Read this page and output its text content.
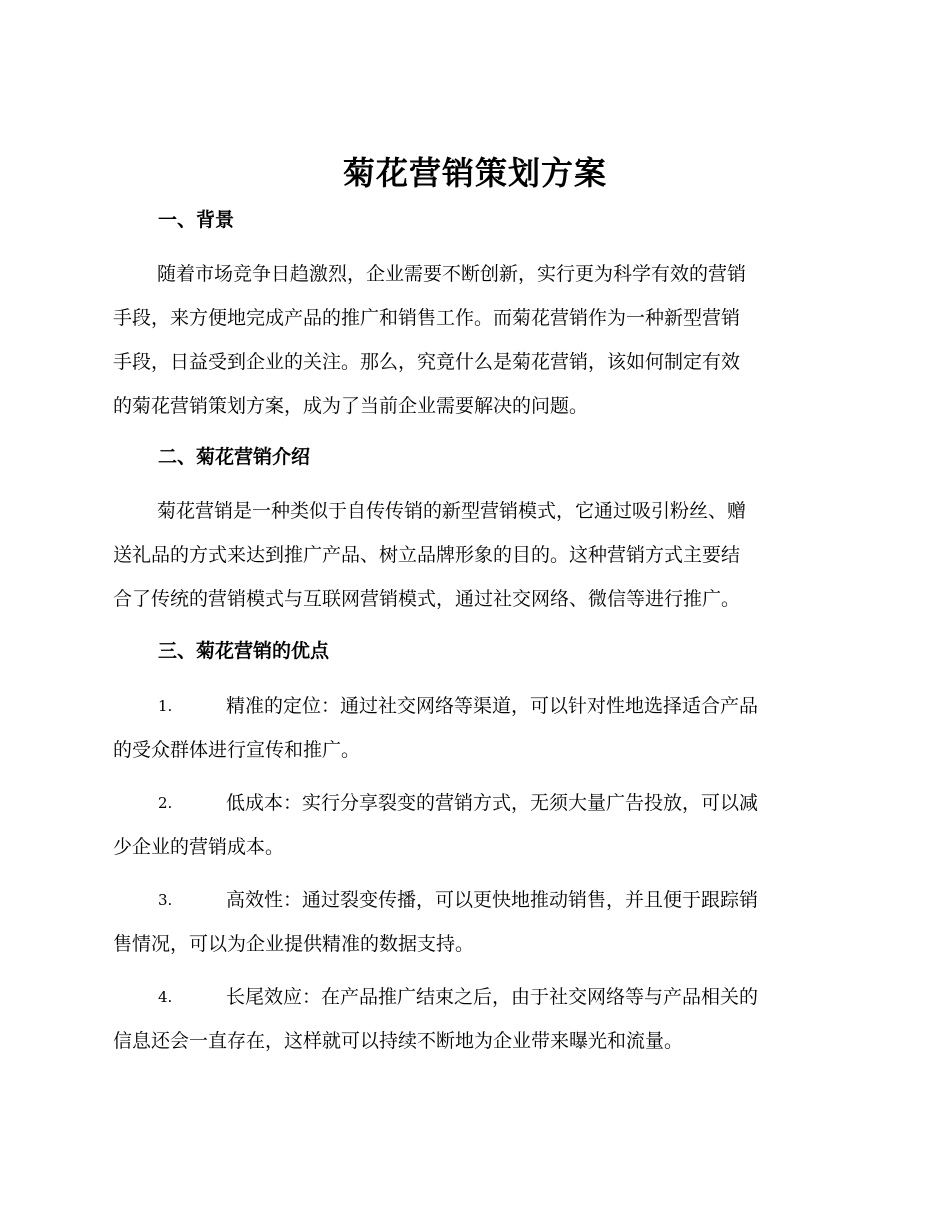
菊花营销策划方案
一、背景
随着市场竞争日趋激烈，企业需要不断创新，实行更为科学有效的营销
手段，来方便地完成产品的推广和销售工作。而菊花营销作为一种新型营销
手段，日益受到企业的关注。那么，究竟什么是菊花营销，该如何制定有效
的菊花营销策划方案，成为了当前企业需要解决的问题。
二、菊花营销介绍
菊花营销是一种类似于自传传销的新型营销模式，它通过吸引粉丝、赠
送礼品的方式来达到推广产品、树立品牌形象的目的。这种营销方式主要结
合了传统的营销模式与互联网营销模式，通过社交网络、微信等进行推广。
三、菊花营销的优点
1.	精准的定位：通过社交网络等渠道，可以针对性地选择适合产品
的受众群体进行宣传和推广。
2.	低成本：实行分享裂变的营销方式，无须大量广告投放，可以减
少企业的营销成本。
3.	高效性：通过裂变传播，可以更快地推动销售，并且便于跟踪销
售情况，可以为企业提供精准的数据支持。
4.	长尾效应：在产品推广结束之后，由于社交网络等与产品相关的
信息还会一直存在，这样就可以持续不断地为企业带来曝光和流量。
